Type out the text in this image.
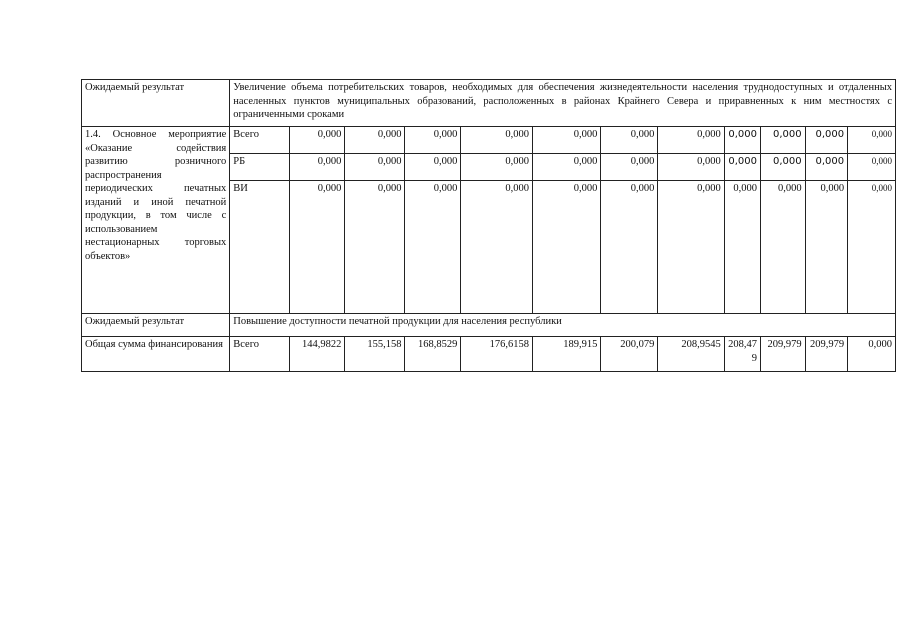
Ожидаемый результат	Увеличение объема потребительских товаров, необходимых для обеспечения жизнедеятельности населения труднодоступных и отдаленных населенных пунктов муниципальных образований, расположенных в районах Крайнего Севера и приравненных к ним местностях с ограниченными сроками											
1.4. Основное мероприятие «Оказание содействия развитию розничного распространения периодических печатных изданий и иной печатной продукции, в том числе с использованием нестационарных торговых объектов»	Всего	0,000	0,000	0,000	0,000	0,000	0,000	0,000	0,000	0,000	0,000	0,000
	РБ	0,000	0,000	0,000	0,000	0,000	0,000	0,000	0,000	0,000	0,000	0,000
	ВИ	0,000	0,000	0,000	0,000	0,000	0,000	0,000	0,000	0,000	0,000	0,000
Ожидаемый результат	Повышение доступности печатной продукции для населения республики											
Общая сумма финансирования	Всего	144,9822	155,158	168,8529	176,6158	189,915	200,079	208,9545	208,479	209,979	209,979	0,000
